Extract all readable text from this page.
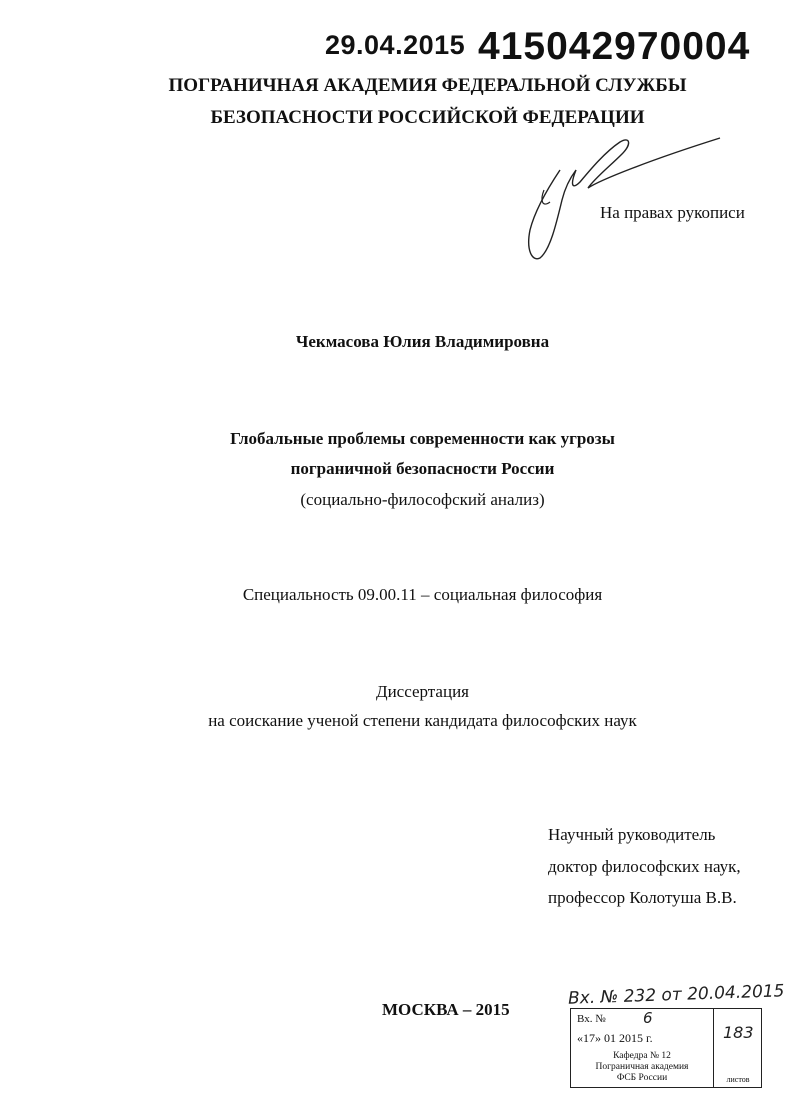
29.04.2015 415042970004
ПОГРАНИЧНАЯ АКАДЕМИЯ ФЕДЕРАЛЬНОЙ СЛУЖБЫ
БЕЗОПАСНОСТИ РОССИЙСКОЙ ФЕДЕРАЦИИ
На правах рукописи
Чекмасова Юлия Владимировна
Глобальные проблемы современности как угрозы
пограничной безопасности России
(социально-философский анализ)
Специальность 09.00.11 – социальная философия
Диссертация
на соискание ученой степени кандидата философских наук
Научный руководитель
доктор философских наук,
профессор Колотуша В.В.
МОСКВА – 2015
Вх. № 232 от 20.04.2015
Вх. № 6
«17» 01 2015 г.
Кафедра № 12
Пограничная академия
ФСБ России
183
листов
